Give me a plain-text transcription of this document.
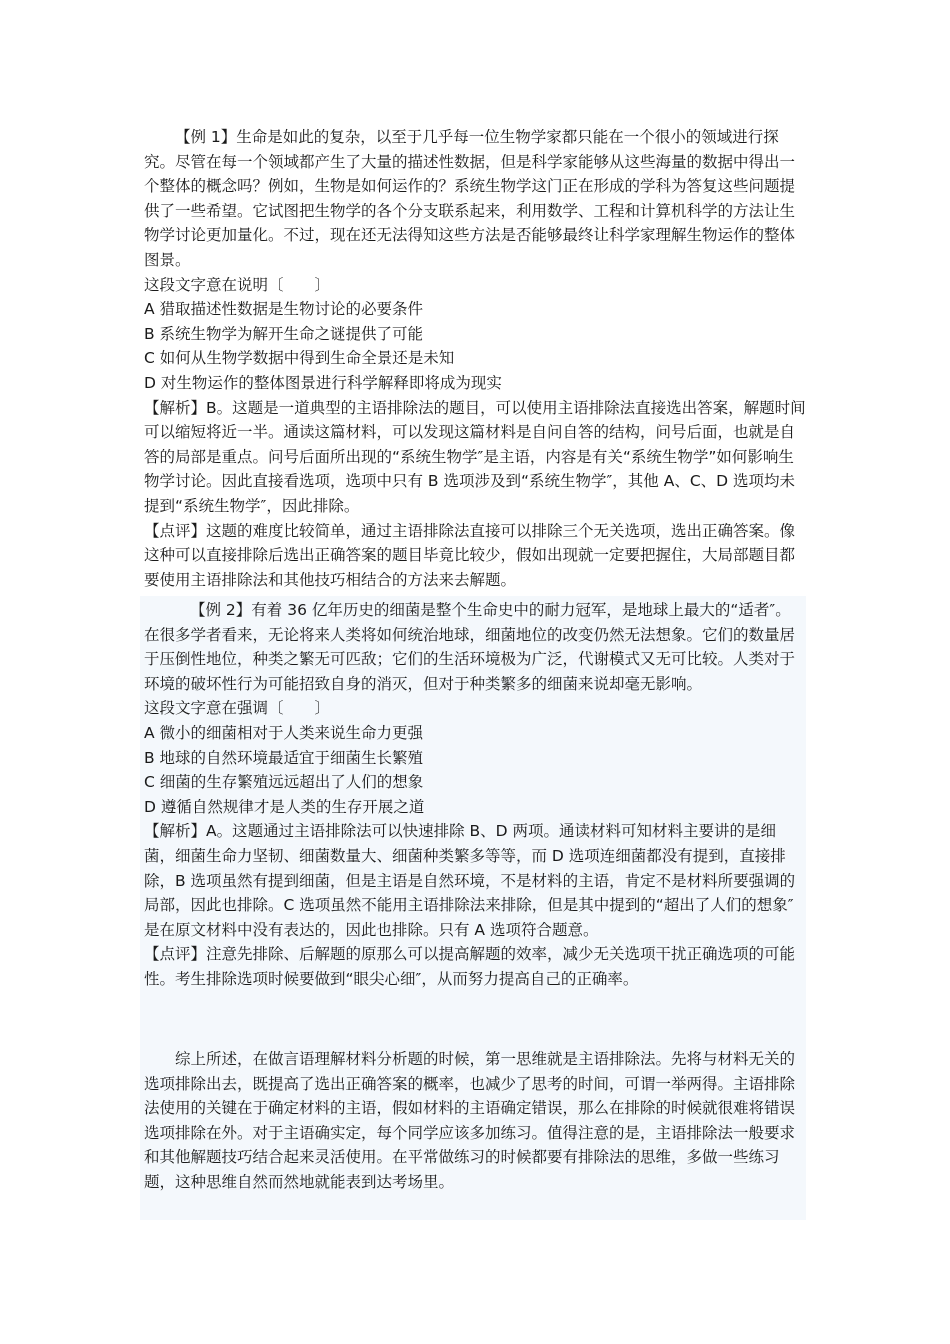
【例 1】生命是如此的复杂，以至于几乎每一位生物学家都只能在一个很小的领域进行探究。尽管在每一个领域都产生了大量的描述性数据，但是科学家能够从这些海量的数据中得出一个整体的概念吗？例如，生物是如何运作的？系统生物学这门正在形成的学科为答复这些问题提供了一些希望。它试图把生物学的各个分支联系起来，利用数学、工程和计算机科学的方法让生物学讨论更加量化。不过，现在还无法得知这些方法是否能够最终让科学家理解生物运作的整体图景。

这段文字意在说明〔　　〕

A 猎取描述性数据是生物讨论的必要条件

B 系统生物学为解开生命之谜提供了可能

C 如何从生物学数据中得到生命全景还是未知

D 对生物运作的整体图景进行科学解释即将成为现实

【解析】B。这题是一道典型的主语排除法的题目，可以使用主语排除法直接选出答案，解题时间可以缩短将近一半。通读这篇材料，可以发现这篇材料是自问自答的结构，问号后面，也就是自答的局部是重点。问号后面所出现的“系统生物学″是主语，内容是有关“系统生物学”如何影响生物学讨论。因此直接看选项，选项中只有 B 选项涉及到“系统生物学″，其他 A、C、D 选项均未提到“系统生物学″，因此排除。

【点评】这题的难度比较简单，通过主语排除法直接可以排除三个无关选项，选出正确答案。像这种可以直接排除后选出正确答案的题目毕竟比较少，假如出现就一定要把握住，大局部题目都要使用主语排除法和其他技巧相结合的方法来去解题。

【例 2】有着 36 亿年历史的细菌是整个生命史中的耐力冠军，是地球上最大的“适者″。在很多学者看来，无论将来人类将如何统治地球，细菌地位的改变仍然无法想象。它们的数量居于压倒性地位，种类之繁无可匹敌；它们的生活环境极为广泛，代谢模式又无可比较。人类对于环境的破坏性行为可能招致自身的消灭，但对于种类繁多的细菌来说却毫无影响。

这段文字意在强调〔　　〕

A 微小的细菌相对于人类来说生命力更强

B 地球的自然环境最适宜于细菌生长繁殖

C 细菌的生存繁殖远远超出了人们的想象

D 遵循自然规律才是人类的生存开展之道

【解析】A。这题通过主语排除法可以快速排除 B、D 两项。通读材料可知材料主要讲的是细菌，细菌生命力坚韧、细菌数量大、细菌种类繁多等等，而 D 选项连细菌都没有提到，直接排除，B 选项虽然有提到细菌，但是主语是自然环境，不是材料的主语，肯定不是材料所要强调的局部，因此也排除。C 选项虽然不能用主语排除法来排除，但是其中提到的“超出了人们的想象″是在原文材料中没有表达的，因此也排除。只有 A 选项符合题意。

【点评】注意先排除、后解题的原那么可以提高解题的效率，减少无关选项干扰正确选项的可能性。考生排除选项时候要做到“眼尖心细″，从而努力提高自己的正确率。

综上所述，在做言语理解材料分析题的时候，第一思维就是主语排除法。先将与材料无关的选项排除出去，既提高了选出正确答案的概率，也减少了思考的时间，可谓一举两得。主语排除法使用的关键在于确定材料的主语，假如材料的主语确定错误，那么在排除的时候就很难将错误选项排除在外。对于主语确实定，每个同学应该多加练习。值得注意的是，主语排除法一般要求和其他解题技巧结合起来灵活使用。在平常做练习的时候都要有排除法的思维，多做一些练习题，这种思维自然而然地就能表到达考场里。
